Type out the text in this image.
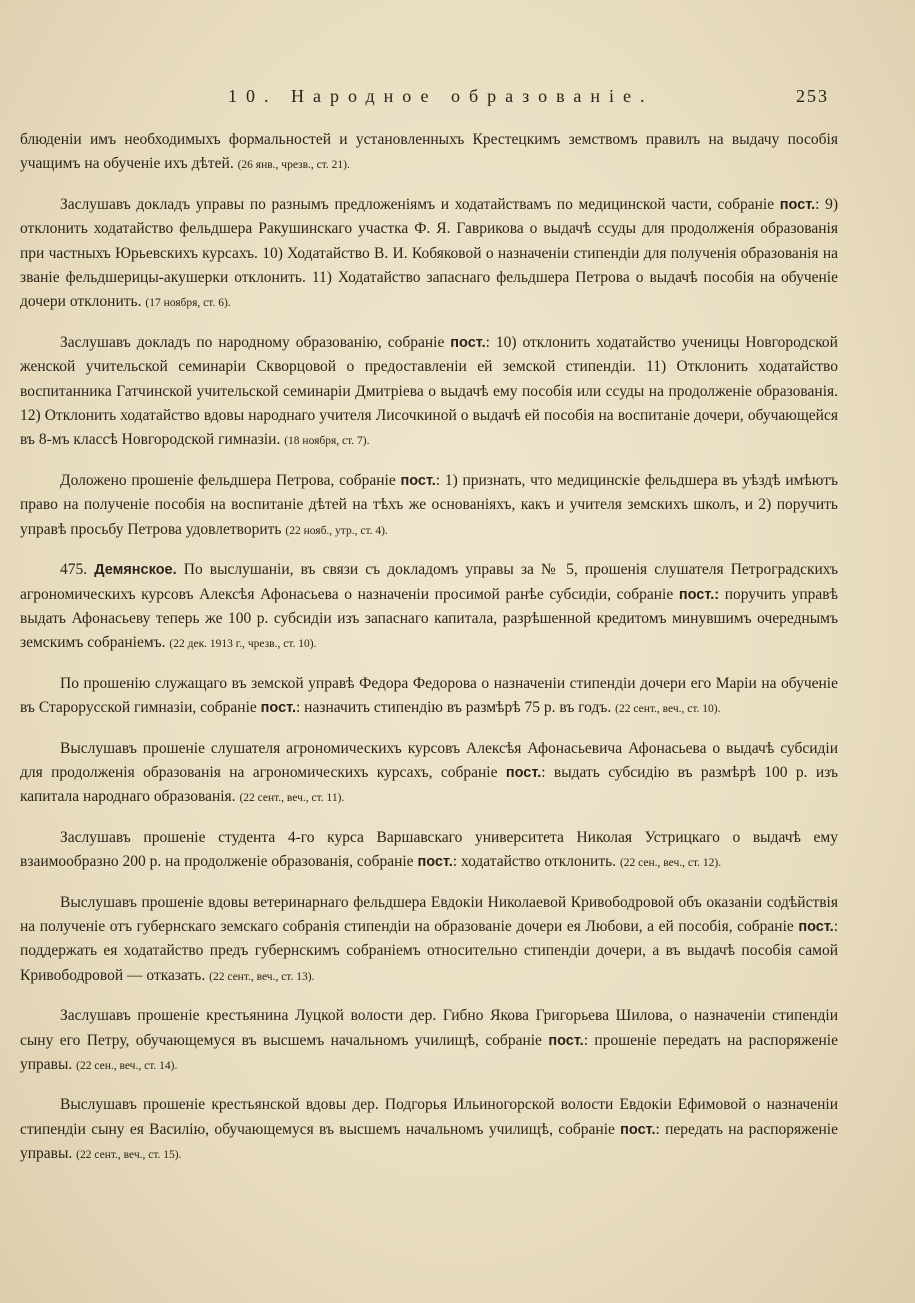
10. Народное образованіе.	253

блюденіи имъ необходимыхъ формальностей и установленныхъ Крестецкимъ земствомъ правилъ на выдачу пособія учащимъ на обученіе ихъ дѣтей. (26 янв., чрезв., ст. 21).

Заслушавъ докладъ управы по разнымъ предложеніямъ и ходатайствамъ по медицинской части, собраніе пост.: 9) отклонить ходатайство фельдшера Ракушинскаго участка Ф. Я. Гаврикова о выдачѣ ссуды для продолженія образованія при частныхъ Юрьевскихъ курсахъ. 10) Ходатайство В. И. Кобяковой о назначеніи стипендіи для полученія образованія на званіе фельдшерицы-акушерки отклонить. 11) Ходатайство запаснаго фельдшера Петрова о выдачѣ пособія на обученіе дочери отклонить. (17 ноября, ст. 6).

Заслушавъ докладъ по народному образованію, собраніе пост.: 10) отклонить ходатайство ученицы Новгородской женской учительской семинаріи Скворцовой о предоставленіи ей земской стипендіи. 11) Отклонить ходатайство воспитанника Гатчинской учительской семинаріи Дмитріева о выдачѣ ему пособія или ссуды на продолженіе образованія. 12) Отклонить ходатайство вдовы народнаго учителя Лисочкиной о выдачѣ ей пособія на воспитаніе дочери, обучающейся въ 8-мъ классѣ Новгородской гимназіи. (18 ноября, ст. 7).

Доложено прошеніе фельдшера Петрова, собраніе пост.: 1) признать, что медицинскіе фельдшера въ уѣздѣ имѣютъ право на полученіе пособія на воспитаніе дѣтей на тѣхъ же основаніяхъ, какъ и учителя земскихъ школъ, и 2) поручить управѣ просьбу Петрова удовлетворить (22 нояб., утр., ст. 4).

475. Демянское. По выслушаніи, въ связи съ докладомъ управы за № 5, прошенія слушателя Петроградскихъ агрономическихъ курсовъ Алексѣя Афонасьева о назначеніи просимой ранѣе субсидіи, собраніе пост.: поручить управѣ выдать Афонасьеву теперь же 100 р. субсидіи изъ запаснаго капитала, разрѣшенной кредитомъ минувшимъ очереднымъ земскимъ собраніемъ. (22 дек. 1913 г., чрезв., ст. 10).

По прошенію служащаго въ земской управѣ Федора Федорова о назначеніи стипендіи дочери его Маріи на обученіе въ Старорусской гимназіи, собраніе пост.: назначить стипендію въ размѣрѣ 75 р. въ годъ. (22 сент., веч., ст. 10).

Выслушавъ прошеніе слушателя агрономическихъ курсовъ Алексѣя Афонасьевича Афонасьева о выдачѣ субсидіи для продолженія образованія на агрономическихъ курсахъ, собраніе пост.: выдать субсидію въ размѣрѣ 100 р. изъ капитала народнаго образованія. (22 сент., веч., ст. 11).

Заслушавъ прошеніе студента 4-го курса Варшавскаго университета Николая Устрицкаго о выдачѣ ему взаимообразно 200 р. на продолженіе образованія, собраніе пост.: ходатайство отклонить. (22 сен., веч., ст. 12).

Выслушавъ прошеніе вдовы ветеринарнаго фельдшера Евдокіи Николаевой Кривободровой объ оказаніи содѣйствія на полученіе отъ губернскаго земскаго собранія стипендіи на образованіе дочери ея Любови, а ей пособія, собраніе пост.: поддержать ея ходатайство предъ губернскимъ собраніемъ относительно стипендіи дочери, а въ выдачѣ пособія самой Кривободровой — отказать. (22 сент., веч., ст. 13).

Заслушавъ прошеніе крестьянина Луцкой волости дер. Гибно Якова Григорьева Шилова, о назначеніи стипендіи сыну его Петру, обучающемуся въ высшемъ начальномъ училищѣ, собраніе пост.: прошеніе передать на распоряженіе управы. (22 сен., веч., ст. 14).

Выслушавъ прошеніе крестьянской вдовы дер. Подгорья Ильиногорской волости Евдокіи Ефимовой о назначеніи стипендіи сыну ея Василію, обучающемуся въ высшемъ начальномъ училищѣ, собраніе пост.: передать на распоряженіе управы. (22 сент., веч., ст. 15).
